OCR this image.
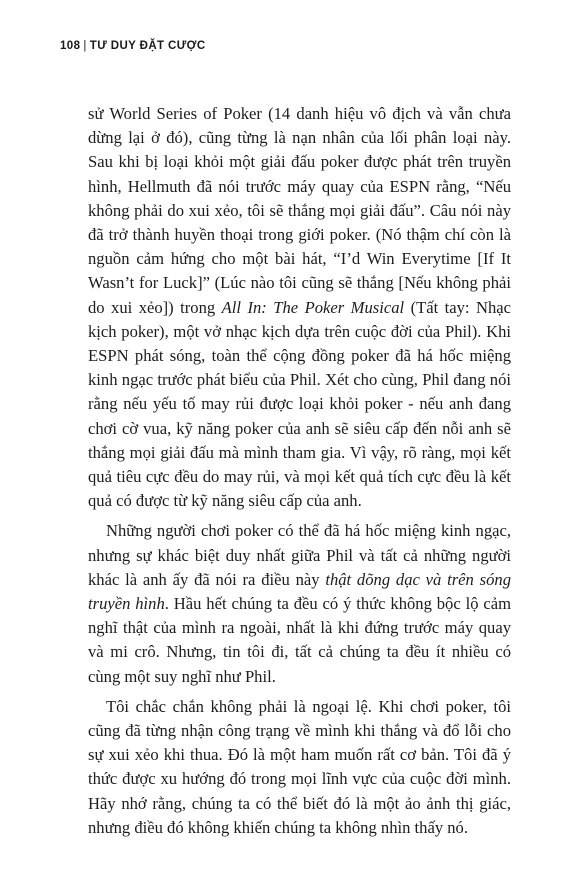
108 | TƯ DUY ĐẶT CƯỢC

sử World Series of Poker (14 danh hiệu vô địch và vẫn chưa dừng lại ở đó), cũng từng là nạn nhân của lối phân loại này. Sau khi bị loại khỏi một giải đấu poker được phát trên truyền hình, Hellmuth đã nói trước máy quay của ESPN rằng, “Nếu không phải do xui xẻo, tôi sẽ thắng mọi giải đấu”. Câu nói này đã trở thành huyền thoại trong giới poker. (Nó thậm chí còn là nguồn cảm hứng cho một bài hát, “I’d Win Everytime [If It Wasn’t for Luck]” (Lúc nào tôi cũng sẽ thắng [Nếu không phải do xui xẻo]) trong All In: The Poker Musical (Tất tay: Nhạc kịch poker), một vở nhạc kịch dựa trên cuộc đời của Phil). Khi ESPN phát sóng, toàn thể cộng đồng poker đã há hốc miệng kinh ngạc trước phát biểu của Phil. Xét cho cùng, Phil đang nói rằng nếu yếu tố may rủi được loại khỏi poker - nếu anh đang chơi cờ vua, kỹ năng poker của anh sẽ siêu cấp đến nỗi anh sẽ thắng mọi giải đấu mà mình tham gia. Vì vậy, rõ ràng, mọi kết quả tiêu cực đều do may rủi, và mọi kết quả tích cực đều là kết quả có được từ kỹ năng siêu cấp của anh.

Những người chơi poker có thể đã há hốc miệng kinh ngạc, nhưng sự khác biệt duy nhất giữa Phil và tất cả những người khác là anh ấy đã nói ra điều này thật dõng dạc và trên sóng truyền hình. Hầu hết chúng ta đều có ý thức không bộc lộ cảm nghĩ thật của mình ra ngoài, nhất là khi đứng trước máy quay và mi crô. Nhưng, tin tôi đi, tất cả chúng ta đều ít nhiều có cùng một suy nghĩ như Phil.

Tôi chắc chắn không phải là ngoại lệ. Khi chơi poker, tôi cũng đã từng nhận công trạng về mình khi thắng và đổ lỗi cho sự xui xẻo khi thua. Đó là một ham muốn rất cơ bản. Tôi đã ý thức được xu hướng đó trong mọi lĩnh vực của cuộc đời mình. Hãy nhớ rằng, chúng ta có thể biết đó là một ảo ảnh thị giác, nhưng điều đó không khiến chúng ta không nhìn thấy nó.
